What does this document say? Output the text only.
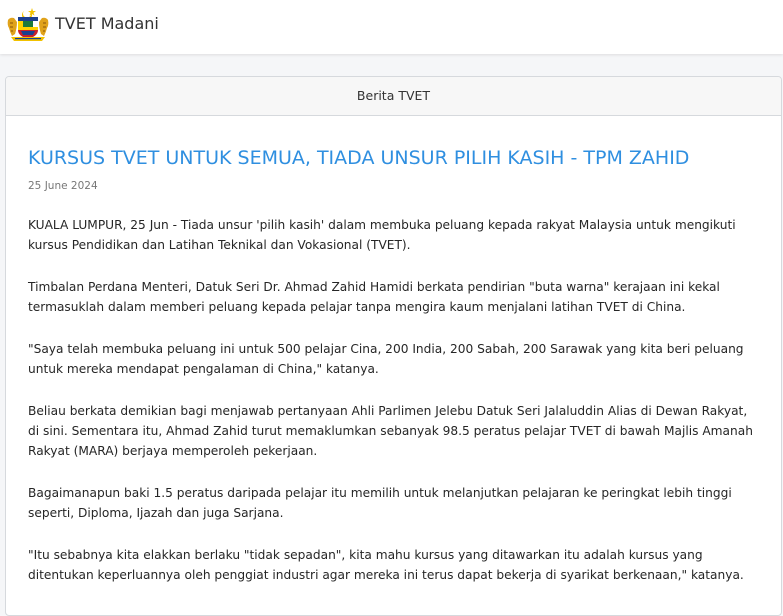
TVET Madani
Berita TVET
KURSUS TVET UNTUK SEMUA, TIADA UNSUR PILIH KASIH - TPM ZAHID
25 June 2024

KUALA LUMPUR, 25 Jun - Tiada unsur 'pilih kasih' dalam membuka peluang kepada rakyat Malaysia untuk mengikuti kursus Pendidikan dan Latihan Teknikal dan Vokasional (TVET).

Timbalan Perdana Menteri, Datuk Seri Dr. Ahmad Zahid Hamidi berkata pendirian "buta warna" kerajaan ini kekal termasuklah dalam memberi peluang kepada pelajar tanpa mengira kaum menjalani latihan TVET di China.

"Saya telah membuka peluang ini untuk 500 pelajar Cina, 200 India, 200 Sabah, 200 Sarawak yang kita beri peluang untuk mereka mendapat pengalaman di China," katanya.

Beliau berkata demikian bagi menjawab pertanyaan Ahli Parlimen Jelebu Datuk Seri Jalaluddin Alias di Dewan Rakyat, di sini. Sementara itu, Ahmad Zahid turut memaklumkan sebanyak 98.5 peratus pelajar TVET di bawah Majlis Amanah Rakyat (MARA) berjaya memperoleh pekerjaan.

Bagaimanapun baki 1.5 peratus daripada pelajar itu memilih untuk melanjutkan pelajaran ke peringkat lebih tinggi seperti, Diploma, Ijazah dan juga Sarjana.

"Itu sebabnya kita elakkan berlaku "tidak sepadan", kita mahu kursus yang ditawarkan itu adalah kursus yang ditentukan keperluannya oleh penggiat industri agar mereka ini terus dapat bekerja di syarikat berkenaan," katanya.
